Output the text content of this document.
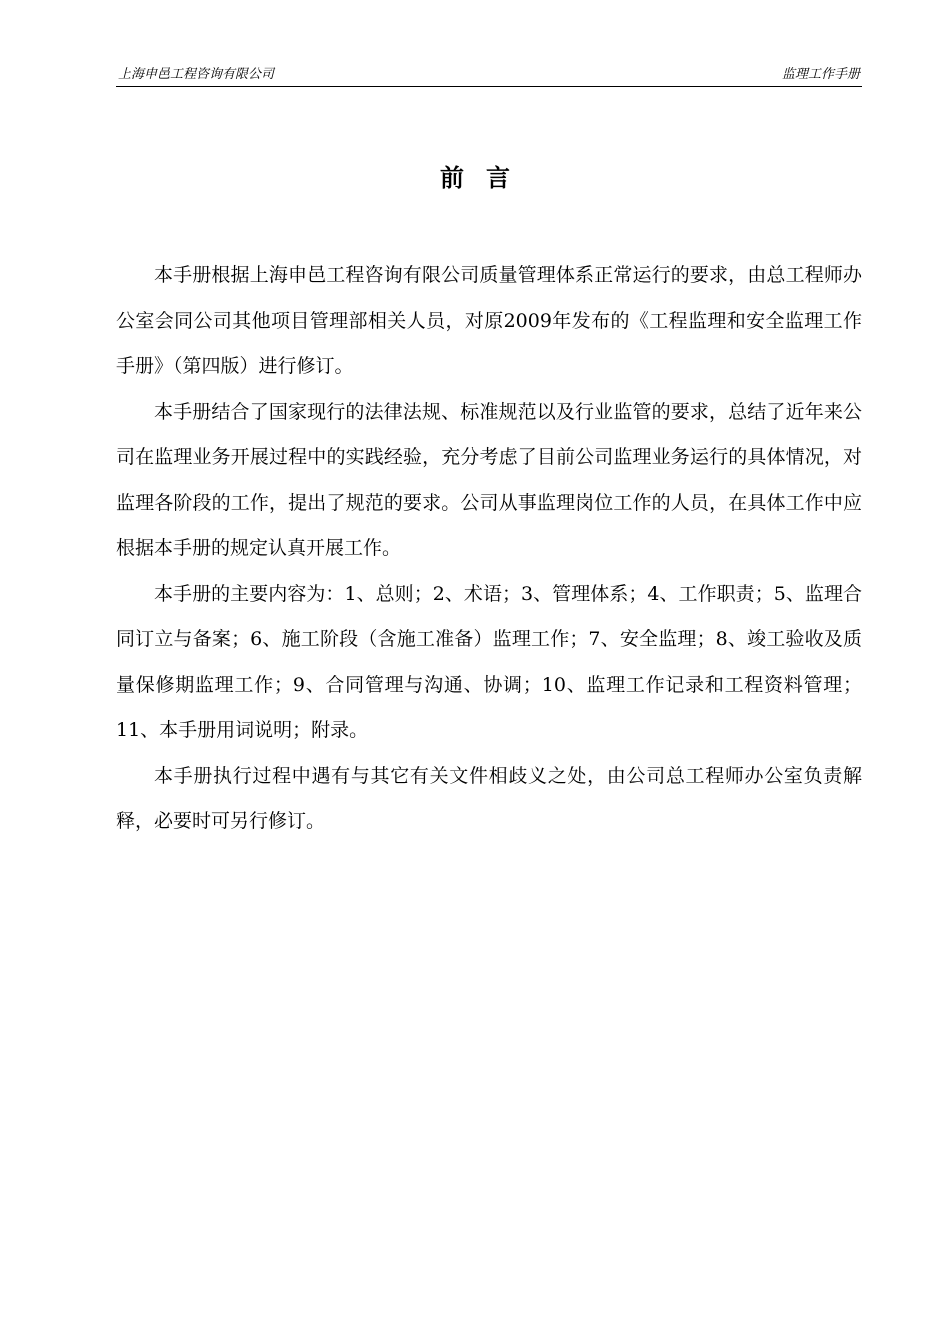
上海申邑工程咨询有限公司	监理工作手册
前言

本手册根据上海申邑工程咨询有限公司质量管理体系正常运行的要求，由总工程师办公室会同公司其他项目管理部相关人员，对原2009年发布的《工程监理和安全监理工作手册》（第四版）进行修订。

本手册结合了国家现行的法律法规、标准规范以及行业监管的要求，总结了近年来公司在监理业务开展过程中的实践经验，充分考虑了目前公司监理业务运行的具体情况，对监理各阶段的工作，提出了规范的要求。公司从事监理岗位工作的人员，在具体工作中应根据本手册的规定认真开展工作。

本手册的主要内容为：1、总则；2、术语；3、管理体系；4、工作职责；5、监理合同订立与备案；6、施工阶段（含施工准备）监理工作；7、安全监理；8、竣工验收及质量保修期监理工作；9、合同管理与沟通、协调；10、监理工作记录和工程资料管理；11、本手册用词说明；附录。

本手册执行过程中遇有与其它有关文件相歧义之处，由公司总工程师办公室负责解释，必要时可另行修订。
